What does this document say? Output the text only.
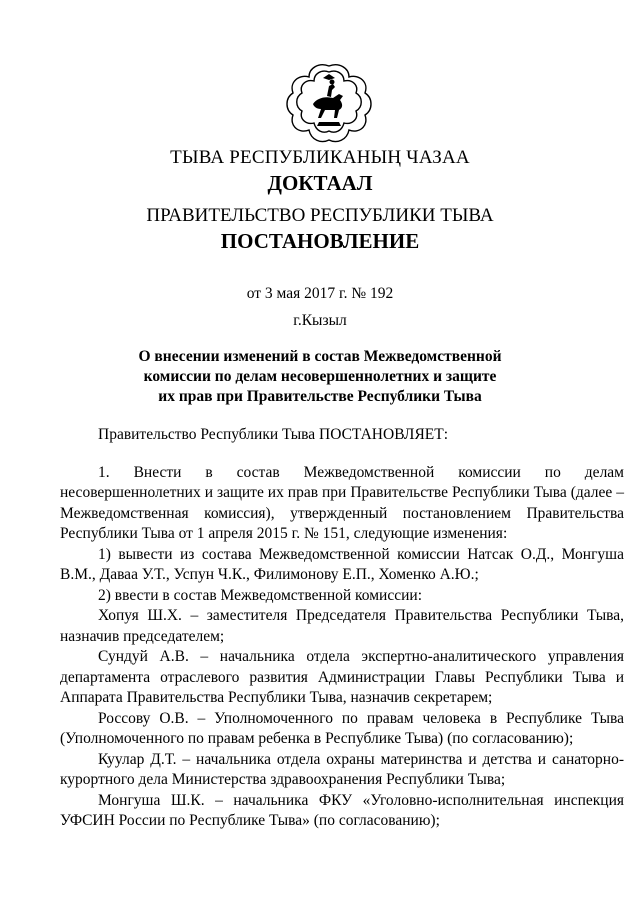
ТЫВА РЕСПУБЛИКАНЫҢ ЧАЗАА
ДОКТААЛ
ПРАВИТЕЛЬСТВО РЕСПУБЛИКИ ТЫВА
ПОСТАНОВЛЕНИЕ
от 3 мая 2017 г. № 192
г.Кызыл
О внесении изменений в состав Межведомственной
комиссии по делам несовершеннолетних и защите
их прав при Правительстве Республики Тыва

Правительство Республики Тыва ПОСТАНОВЛЯЕТ:

1. Внести в состав Межведомственной комиссии по делам несовершеннолетних и защите их прав при Правительстве Республики Тыва (далее – Межведомственная комиссия), утвержденный постановлением Правительства Республики Тыва от 1 апреля 2015 г. № 151, следующие изменения:

1) вывести из состава Межведомственной комиссии Натсак О.Д., Монгуша В.М., Даваа У.Т., Успун Ч.К., Филимонову Е.П., Хоменко А.Ю.;

2) ввести в состав Межведомственной комиссии:

Хопуя Ш.Х. – заместителя Председателя Правительства Республики Тыва, назначив председателем;

Сундуй А.В. – начальника отдела экспертно-аналитического управления департамента отраслевого развития Администрации Главы Республики Тыва и Аппарата Правительства Республики Тыва, назначив секретарем;

Россову О.В. – Уполномоченного по правам человека в Республике Тыва (Уполномоченного по правам ребенка в Республике Тыва) (по согласованию);

Куулар Д.Т. – начальника отдела охраны материнства и детства и санаторно-курортного дела Министерства здравоохранения Республики Тыва;

Монгуша Ш.К. – начальника ФКУ «Уголовно-исполнительная инспекция УФСИН России по Республике Тыва» (по согласованию);
